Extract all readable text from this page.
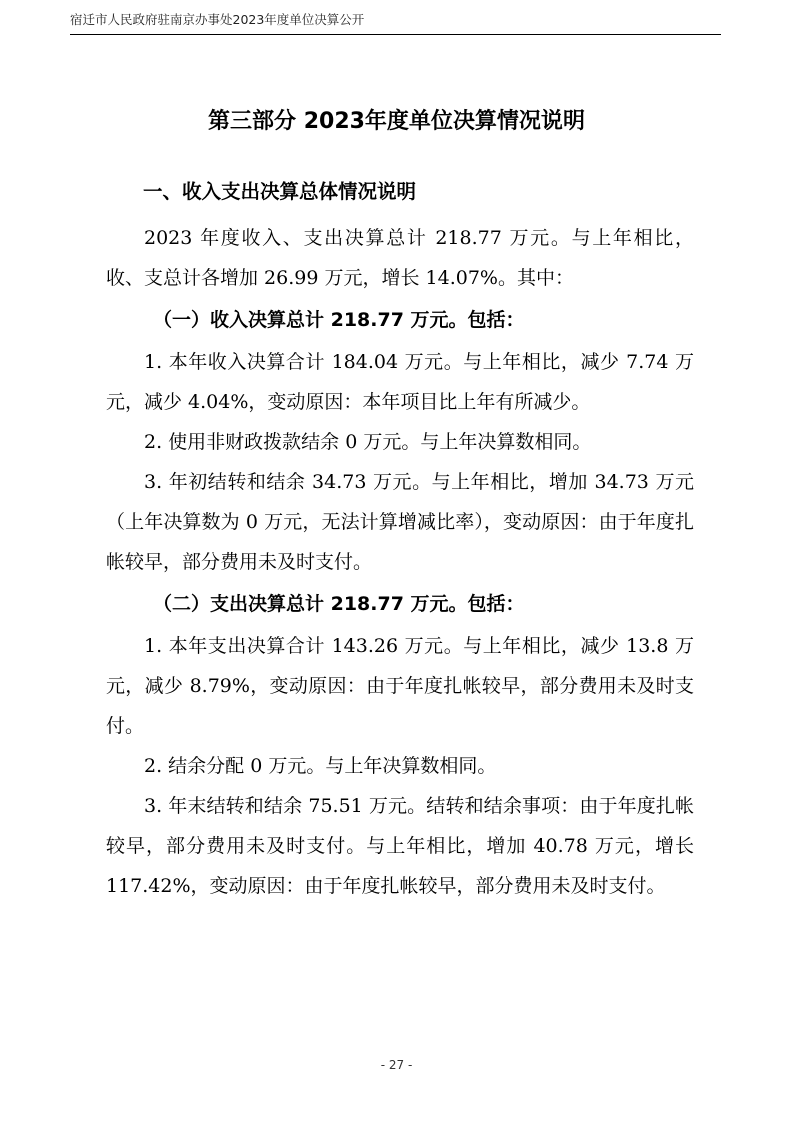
宿迁市人民政府驻南京办事处2023年度单位决算公开
第三部分 2023年度单位决算情况说明
一、收入支出决算总体情况说明

2023 年度收入、支出决算总计 218.77 万元。与上年相比，收、支总计各增加 26.99 万元，增长 14.07%。其中：

（一）收入决算总计 218.77 万元。包括：

1. 本年收入决算合计 184.04 万元。与上年相比，减少 7.74 万元，减少 4.04%，变动原因：本年项目比上年有所减少。

2. 使用非财政拨款结余 0 万元。与上年决算数相同。

3. 年初结转和结余 34.73 万元。与上年相比，增加 34.73 万元（上年决算数为 0 万元，无法计算增减比率），变动原因：由于年度扎帐较早，部分费用未及时支付。

（二）支出决算总计 218.77 万元。包括：

1. 本年支出决算合计 143.26 万元。与上年相比，减少 13.8 万元，减少 8.79%，变动原因：由于年度扎帐较早，部分费用未及时支付。

2. 结余分配 0 万元。与上年决算数相同。

3. 年末结转和结余 75.51 万元。结转和结余事项：由于年度扎帐较早，部分费用未及时支付。与上年相比，增加 40.78 万元，增长 117.42%，变动原因：由于年度扎帐较早，部分费用未及时支付。

- 27 -
